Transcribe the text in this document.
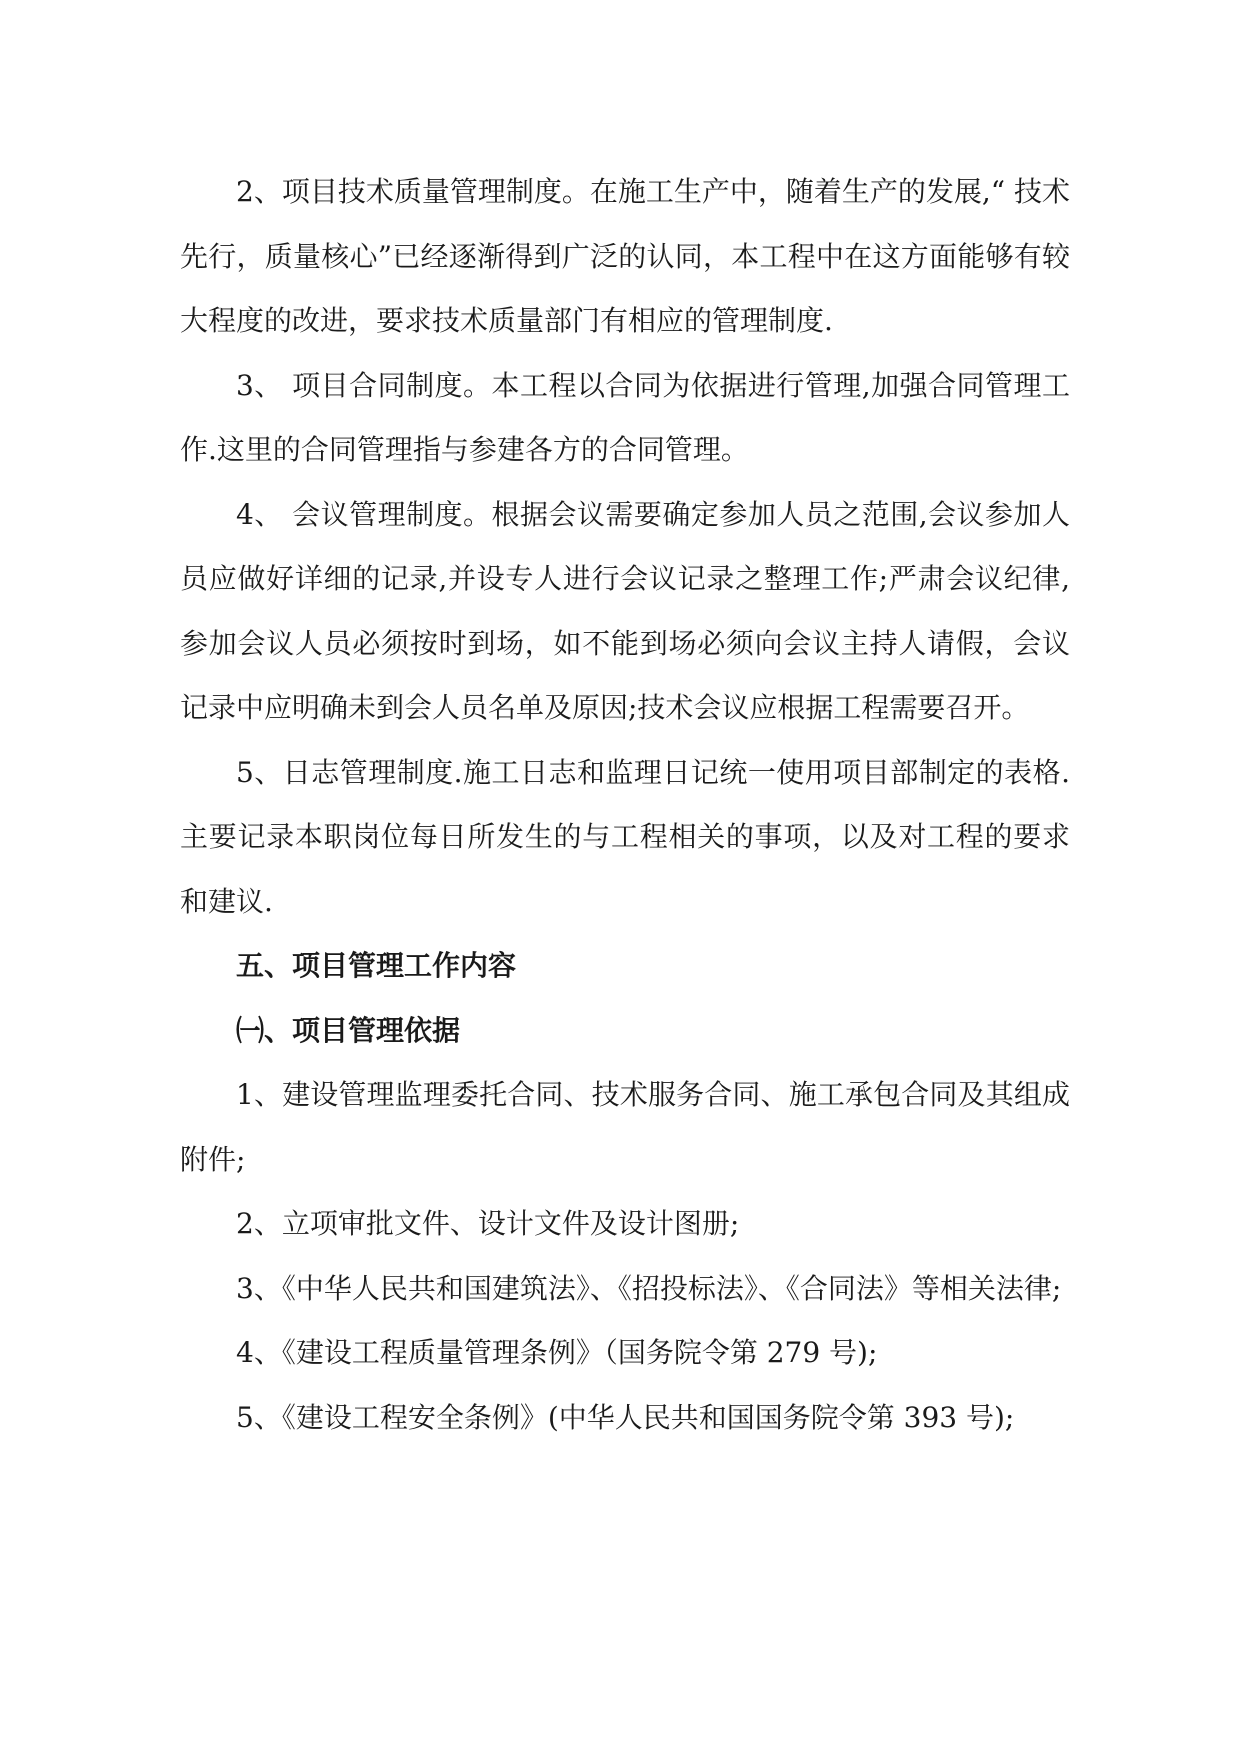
2、项目技术质量管理制度。在施工生产中，随着生产的发展,“ 技术先行，质量核心”已经逐渐得到广泛的认同，本工程中在这方面能够有较大程度的改进，要求技术质量部门有相应的管理制度.

3、 项目合同制度。本工程以合同为依据进行管理,加强合同管理工作.这里的合同管理指与参建各方的合同管理。

4、 会议管理制度。根据会议需要确定参加人员之范围,会议参加人员应做好详细的记录,并设专人进行会议记录之整理工作;严肃会议纪律,参加会议人员必须按时到场，如不能到场必须向会议主持人请假，会议记录中应明确未到会人员名单及原因;技术会议应根据工程需要召开。

5、日志管理制度.施工日志和监理日记统一使用项目部制定的表格.主要记录本职岗位每日所发生的与工程相关的事项，以及对工程的要求和建议.

五、项目管理工作内容

㈠、项目管理依据

1、建设管理监理委托合同、技术服务合同、施工承包合同及其组成附件;

2、立项审批文件、设计文件及设计图册;

3、《中华人民共和国建筑法》、《招投标法》、《合同法》等相关法律;

4、《建设工程质量管理条例》（国务院令第 279 号);

5、《建设工程安全条例》(中华人民共和国国务院令第 393 号);
